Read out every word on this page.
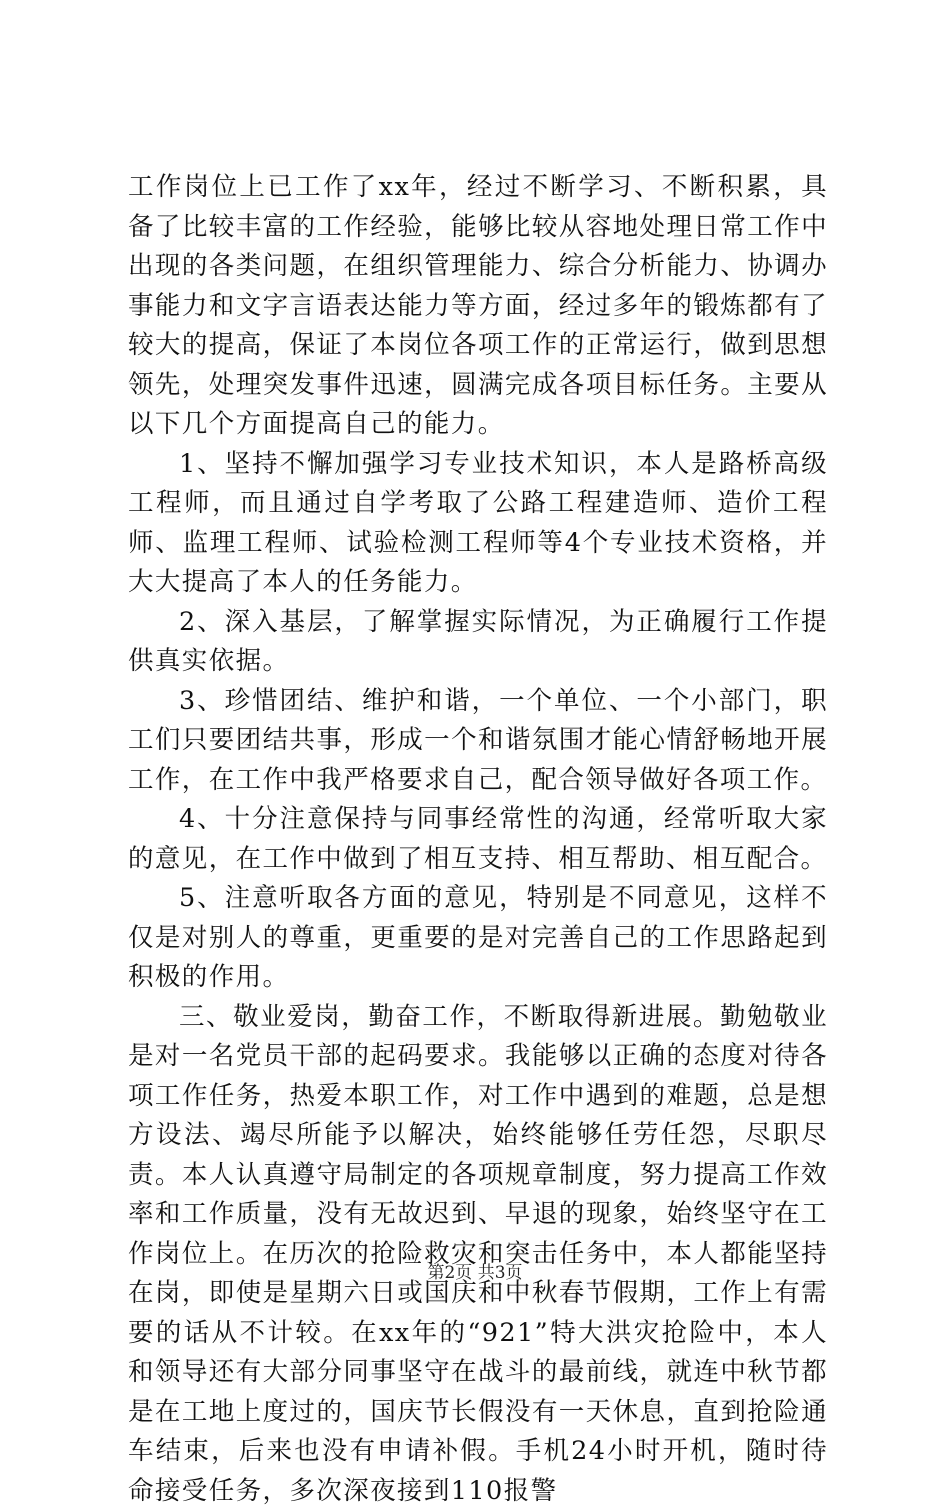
工作岗位上已工作了xx年，经过不断学习、不断积累，具备了比较丰富的工作经验，能够比较从容地处理日常工作中出现的各类问题，在组织管理能力、综合分析能力、协调办事能力和文字言语表达能力等方面，经过多年的锻炼都有了较大的提高，保证了本岗位各项工作的正常运行，做到思想领先，处理突发事件迅速，圆满完成各项目标任务。主要从以下几个方面提高自己的能力。

1、坚持不懈加强学习专业技术知识，本人是路桥高级工程师，而且通过自学考取了公路工程建造师、造价工程师、监理工程师、试验检测工程师等4个专业技术资格，并大大提高了本人的任务能力。

2、深入基层，了解掌握实际情况，为正确履行工作提供真实依据。

3、珍惜团结、维护和谐，一个单位、一个小部门，职工们只要团结共事，形成一个和谐氛围才能心情舒畅地开展工作，在工作中我严格要求自己，配合领导做好各项工作。

4、十分注意保持与同事经常性的沟通，经常听取大家的意见，在工作中做到了相互支持、相互帮助、相互配合。

5、注意听取各方面的意见，特别是不同意见，这样不仅是对别人的尊重，更重要的是对完善自己的工作思路起到积极的作用。

三、敬业爱岗，勤奋工作，不断取得新进展。勤勉敬业是对一名党员干部的起码要求。我能够以正确的态度对待各项工作任务，热爱本职工作，对工作中遇到的难题，总是想方设法、竭尽所能予以解决，始终能够任劳任怨，尽职尽责。本人认真遵守局制定的各项规章制度，努力提高工作效率和工作质量，没有无故迟到、早退的现象，始终坚守在工作岗位上。在历次的抢险救灾和突击任务中，本人都能坚持在岗，即使是星期六日或国庆和中秋春节假期，工作上有需要的话从不计较。在xx年的“921”特大洪灾抢险中，本人和领导还有大部分同事坚守在战斗的最前线，就连中秋节都是在工地上度过的，国庆节长假没有一天休息，直到抢险通车结束，后来也没有申请补假。手机24小时开机，随时待命接受任务，多次深夜接到110报警

第2页 共3页
